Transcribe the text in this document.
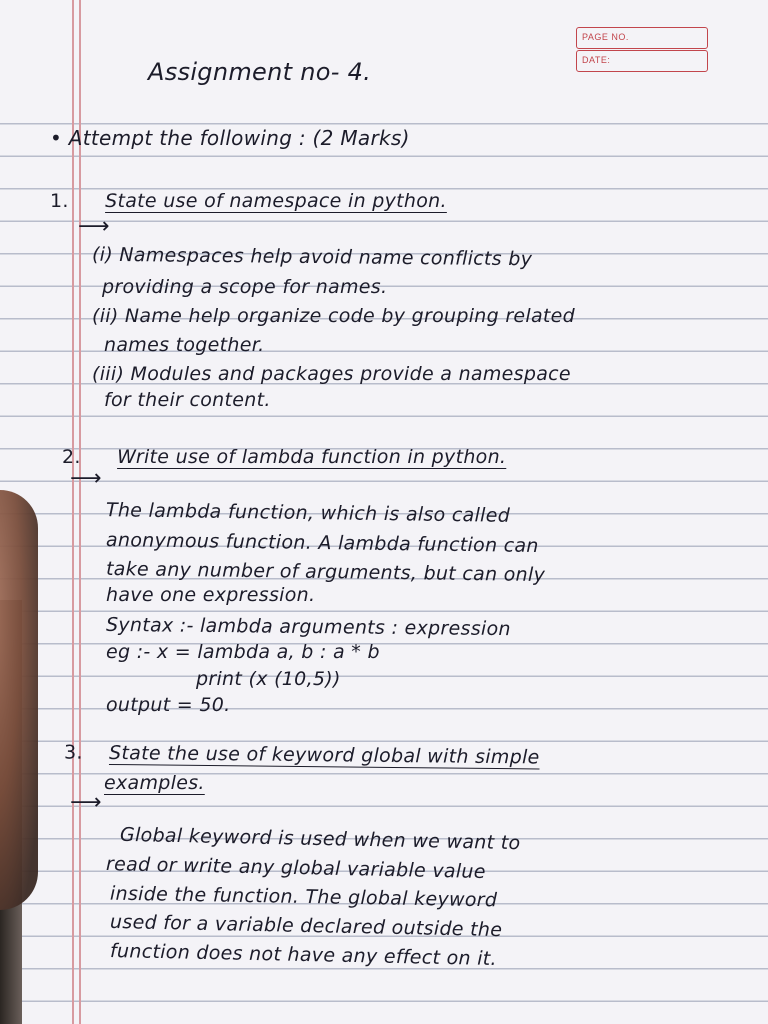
PAGE NO.
DATE:
Assignment no- 4.
• Attempt the following : (2 Marks)
1. State use of namespace in python.
⟶
(i) Namespaces help avoid name conflicts by
providing a scope for names.
(ii) Name help organize code by grouping related
names together.
(iii) Modules and packages provide a namespace
for their content.
2. Write use of lambda function in python.
⟶
The lambda function, which is also called
anonymous function. A lambda function can
take any number of arguments, but can only
have one expression.
Syntax :- lambda arguments : expression
eg :- x = lambda a, b : a * b
print (x (10,5))
output = 50.
3. State the use of keyword global with simple
examples.
⟶
Global keyword is used when we want to
read or write any global variable value
inside the function. The global keyword
used for a variable declared outside the
function does not have any effect on it.
